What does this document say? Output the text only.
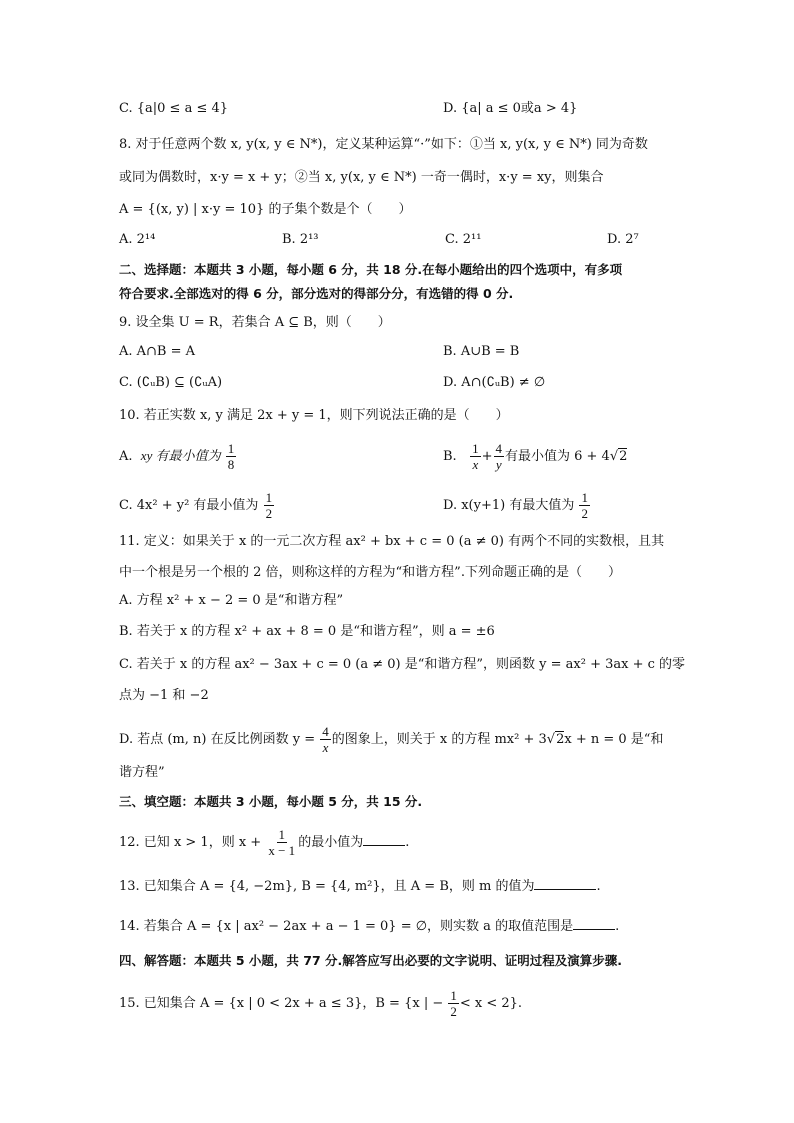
C. {a|0 ≤ a ≤ 4}	D. {a| a ≤ 0或a > 4}
8. 对于任意两个数 x, y(x, y ∈ N*)，定义某种运算“·”如下：①当 x, y(x, y ∈ N*) 同为奇数
或同为偶数时，x·y = x + y；②当 x, y(x, y ∈ N*) 一奇一偶时，x·y = xy，则集合
A = {(x, y) | x·y = 10} 的子集个数是个（　　）
A. 2¹⁴	B. 2¹³	C. 2¹¹	D. 2⁷
二、选择题：本题共 3 小题，每小题 6 分，共 18 分.在每小题给出的四个选项中，有多项
符合要求.全部选对的得 6 分，部分选对的得部分分，有选错的得 0 分.
9. 设全集 U = R，若集合 A ⊆ B，则（　　）
A. A∩B = A	B. A∪B = B
C. (∁ᵤB) ⊆ (∁ᵤA)	D. A∩(∁ᵤB) ≠ ∅
10. 若正实数 x, y 满足 2x + y = 1，则下列说法正确的是（　　）
A. xy 有最小值为 $\frac{1}{8}$	B. $\frac{1}{x} + \frac{4}{y}$ 有最小值为 6 + 4√2
C. 4x² + y² 有最小值为 $\frac{1}{2}$	D. x(y+1) 有最大值为 $\frac{1}{2}$
11. 定义：如果关于 x 的一元二次方程 ax² + bx + c = 0 (a ≠ 0) 有两个不同的实数根，且其
中一个根是另一个根的 2 倍，则称这样的方程为“和谐方程”.下列命题正确的是（　　）
A. 方程 x² + x − 2 = 0 是“和谐方程”
B. 若关于 x 的方程 x² + ax + 8 = 0 是“和谐方程”，则 a = ±6
C. 若关于 x 的方程 ax² − 3ax + c = 0 (a ≠ 0) 是“和谐方程”，则函数 y = ax² + 3ax + c 的零
点为 −1 和 −2
D. 若点 (m, n) 在反比例函数 $y = \frac{4}{x}$ 的图象上，则关于 x 的方程 mx² + 3√2x + n = 0 是“和
谐方程”
三、填空题：本题共 3 小题，每小题 5 分，共 15 分.
12. 已知 x > 1，则 $x + \frac{1}{x - 1}$ 的最小值为	.
13. 已知集合 A = {4, −2m}, B = {4, m²}，且 A = B，则 m 的值为	.
14. 若集合 A = {x | ax² − 2ax + a − 1 = 0} = ∅，则实数 a 的取值范围是	.
四、解答题：本题共 5 小题，共 77 分.解答应写出必要的文字说明、证明过程及演算步骤.
15. 已知集合 A = {x | 0 < 2x + a ≤ 3}，B = {x | − $\frac{1}{2} < x < 2$}.
